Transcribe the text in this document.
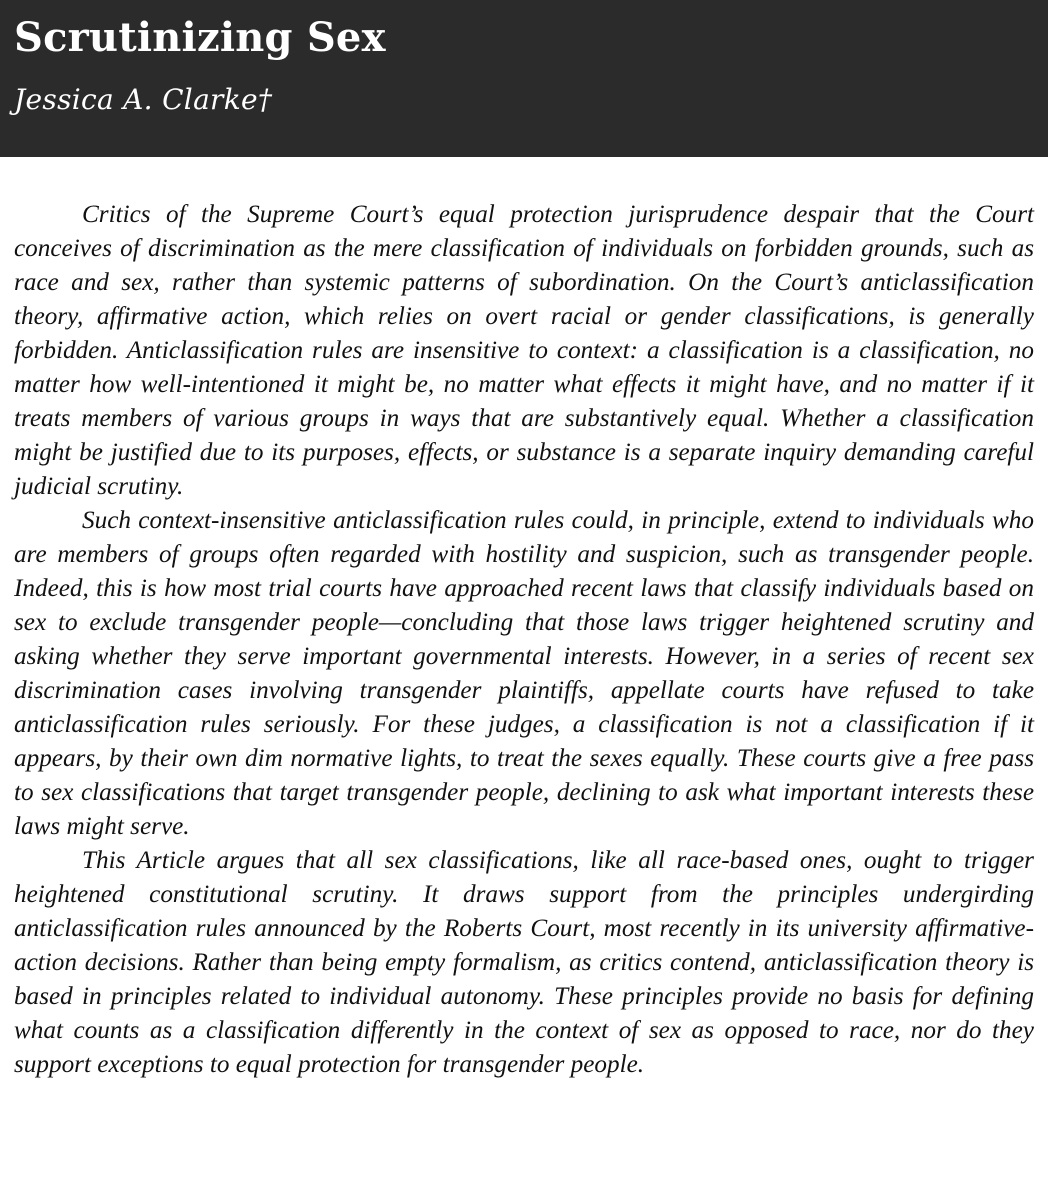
Scrutinizing Sex
Jessica A. Clarke†

Critics of the Supreme Court’s equal protection jurisprudence despair that the Court conceives of discrimination as the mere classification of individuals on forbidden grounds, such as race and sex, rather than systemic patterns of subordination. On the Court’s anticlassification theory, affirmative action, which relies on overt racial or gender classifications, is generally forbidden. Anticlassification rules are insensitive to context: a classification is a classification, no matter how well-intentioned it might be, no matter what effects it might have, and no matter if it treats members of various groups in ways that are substantively equal. Whether a classification might be justified due to its purposes, effects, or substance is a separate inquiry demanding careful judicial scrutiny.

Such context-insensitive anticlassification rules could, in principle, extend to individuals who are members of groups often regarded with hostility and suspicion, such as transgender people. Indeed, this is how most trial courts have approached recent laws that classify individuals based on sex to exclude transgender people—concluding that those laws trigger heightened scrutiny and asking whether they serve important governmental interests. However, in a series of recent sex discrimination cases involving transgender plaintiffs, appellate courts have refused to take anticlassification rules seriously. For these judges, a classification is not a classification if it appears, by their own dim normative lights, to treat the sexes equally. These courts give a free pass to sex classifications that target transgender people, declining to ask what important interests these laws might serve.

This Article argues that all sex classifications, like all race-based ones, ought to trigger heightened constitutional scrutiny. It draws support from the principles undergirding anticlassification rules announced by the Roberts Court, most recently in its university affirmative-action decisions. Rather than being empty formalism, as critics contend, anticlassification theory is based in principles related to individual autonomy. These principles provide no basis for defining what counts as a classification differently in the context of sex as opposed to race, nor do they support exceptions to equal protection for transgender people.
